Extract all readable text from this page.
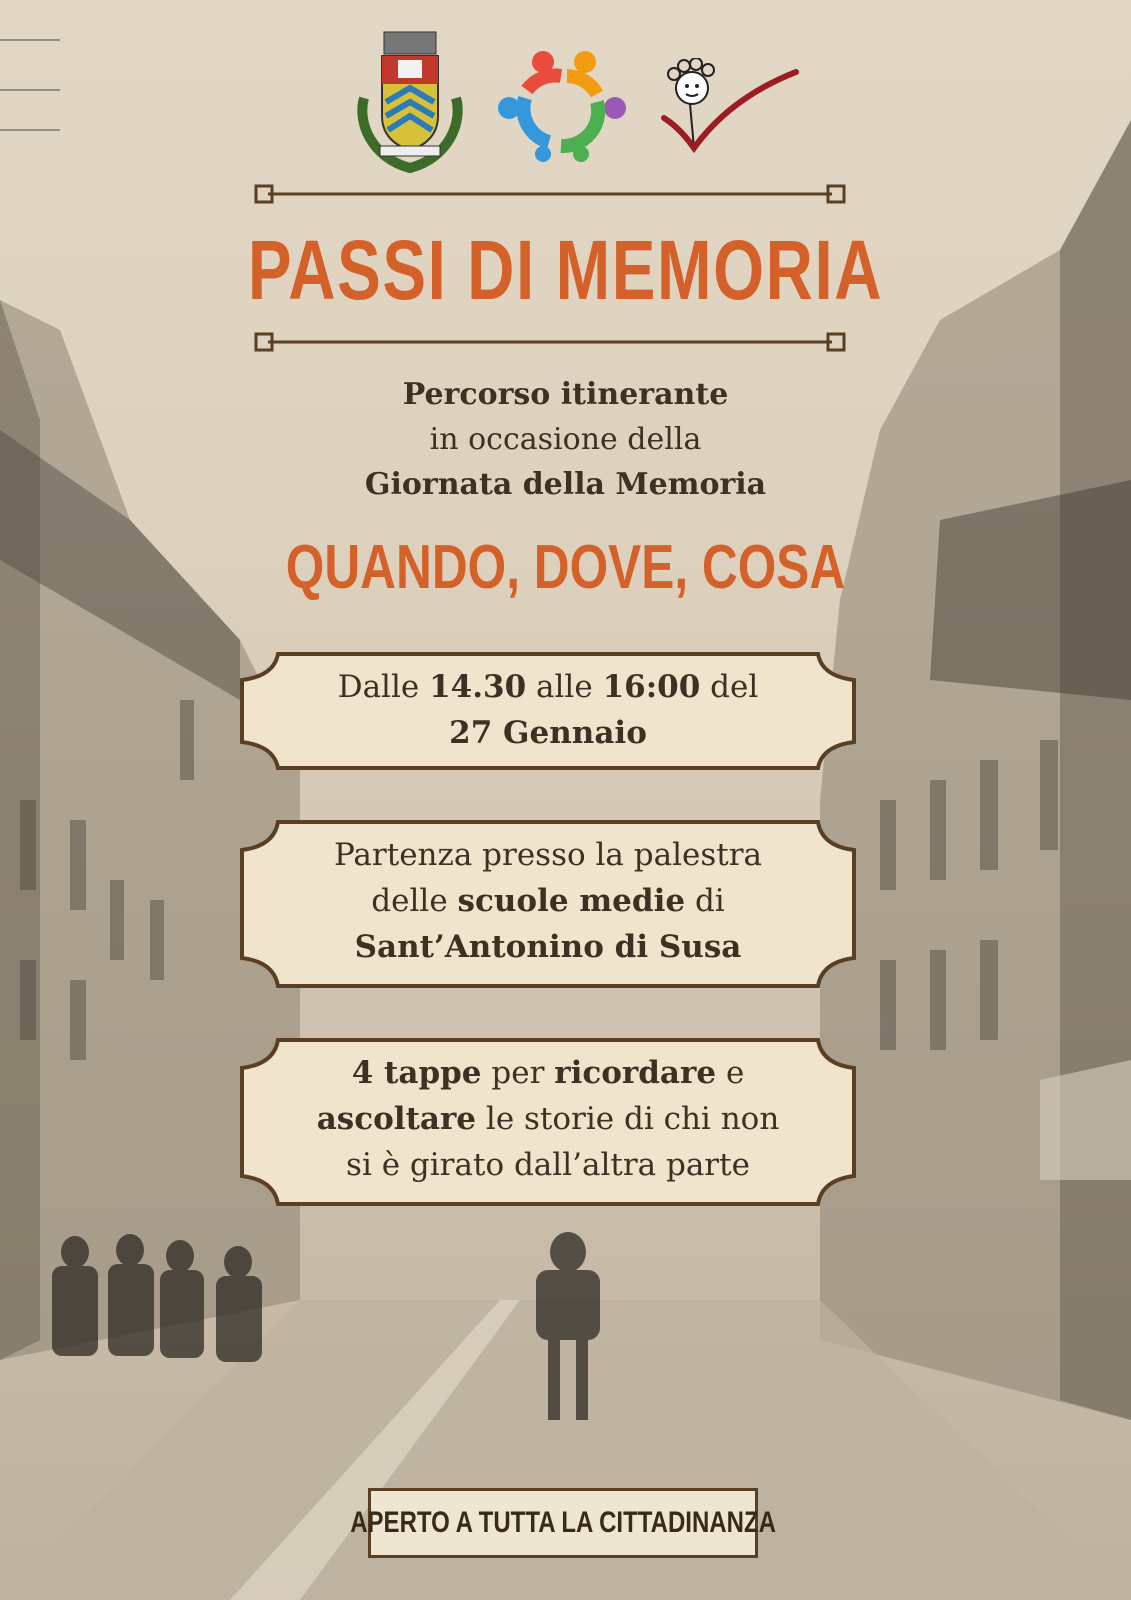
PASSI DI MEMORIA
Percorso itinerante
in occasione della
Giornata della Memoria
QUANDO, DOVE, COSA
Dalle 14.30 alle 16:00 del
27 Gennaio
Partenza presso la palestra
delle scuole medie di
Sant’Antonino di Susa
4 tappe per ricordare e
ascoltare le storie di chi non
si è girato dall’altra parte
APERTO A TUTTA LA CITTADINANZA
